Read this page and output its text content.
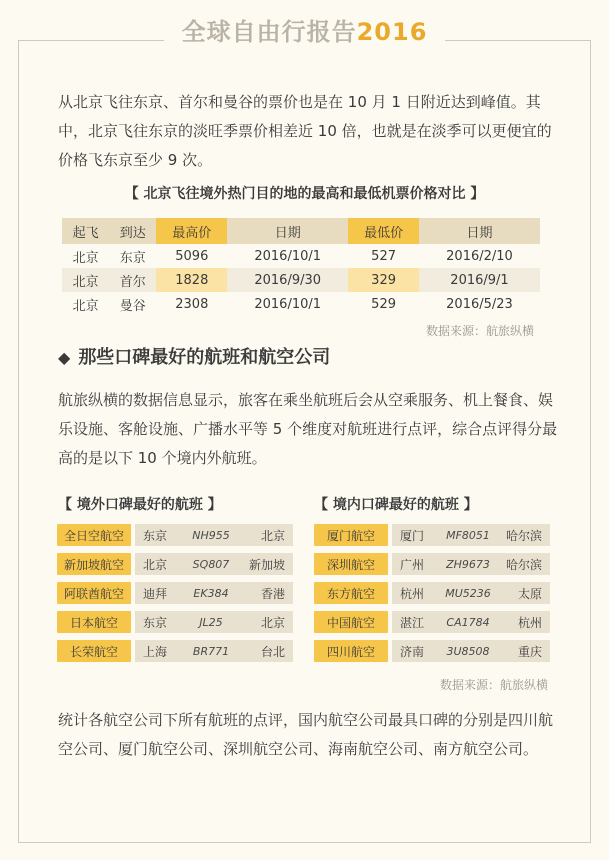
全球自由行报告2016
从北京飞往东京、首尔和曼谷的票价也是在 10 月 1 日附近达到峰值。其中，北京飞往东京的淡旺季票价相差近 10 倍，也就是在淡季可以更便宜的价格飞东京至少 9 次。
【 北京飞往境外热门目的地的最高和最低机票价格对比 】
起飞	到达	最高价	日期	最低价	日期
北京	东京	5096	2016/10/1	527	2016/2/10
北京	首尔	1828	2016/9/30	329	2016/9/1
北京	曼谷	2308	2016/10/1	529	2016/5/23
数据来源：航旅纵横
◆ 那些口碑最好的航班和航空公司
航旅纵横的数据信息显示，旅客在乘坐航班后会从空乘服务、机上餐食、娱乐设施、客舱设施、广播水平等 5 个维度对航班进行点评，综合点评得分最高的是以下 10 个境内外航班。
【 境外口碑最好的航班 】	【 境内口碑最好的航班 】
全日空航空	东京	NH955	北京
新加坡航空	北京	SQ807	新加坡
阿联酋航空	迪拜	EK384	香港
日本航空	东京	JL25	北京
长荣航空	上海	BR771	台北
厦门航空	厦门	MF8051	哈尔滨
深圳航空	广州	ZH9673	哈尔滨
东方航空	杭州	MU5236	太原
中国航空	湛江	CA1784	杭州
四川航空	济南	3U8508	重庆
数据来源：航旅纵横
统计各航空公司下所有航班的点评，国内航空公司最具口碑的分别是四川航空公司、厦门航空公司、深圳航空公司、海南航空公司、南方航空公司。
